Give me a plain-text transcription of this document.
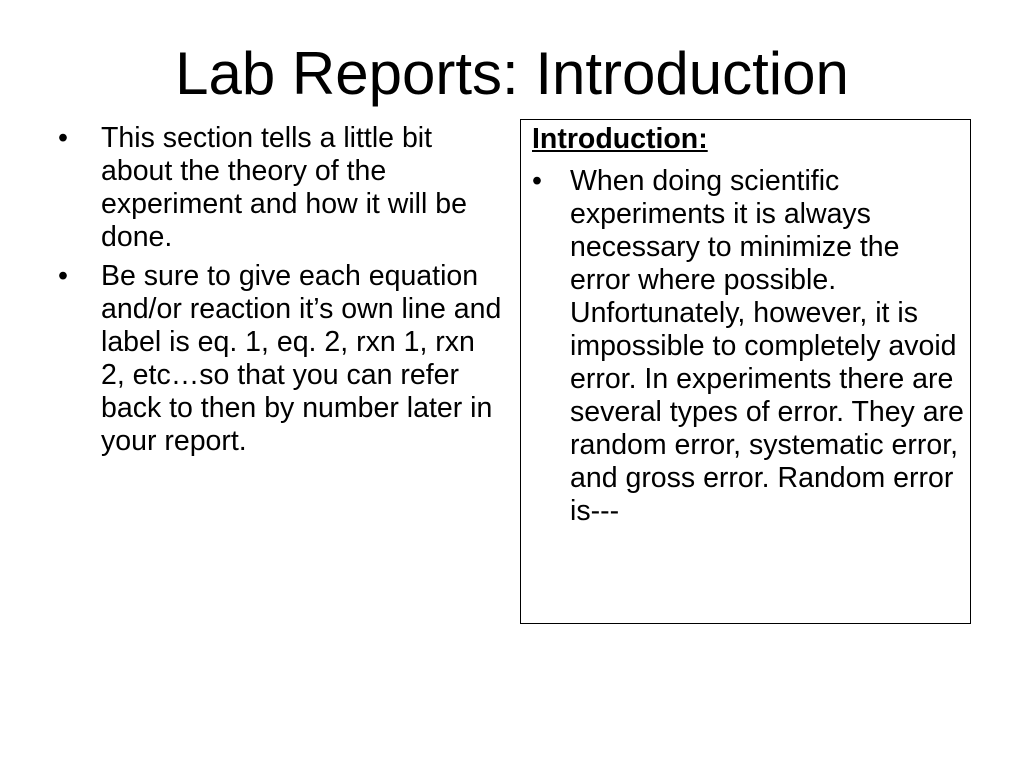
Lab Reports: Introduction
• This section tells a little bit about the theory of the experiment and how it will be done.
• Be sure to give each equation and/or reaction it’s own line and label is eq. 1, eq. 2, rxn 1, rxn 2, etc…so that you can refer back to then by number later in your report.

Introduction:

• When doing scientific experiments it is always necessary to minimize the error where possible. Unfortunately, however, it is impossible to completely avoid error. In experiments there are several types of error. They are random error, systematic error, and gross error. Random error is---
